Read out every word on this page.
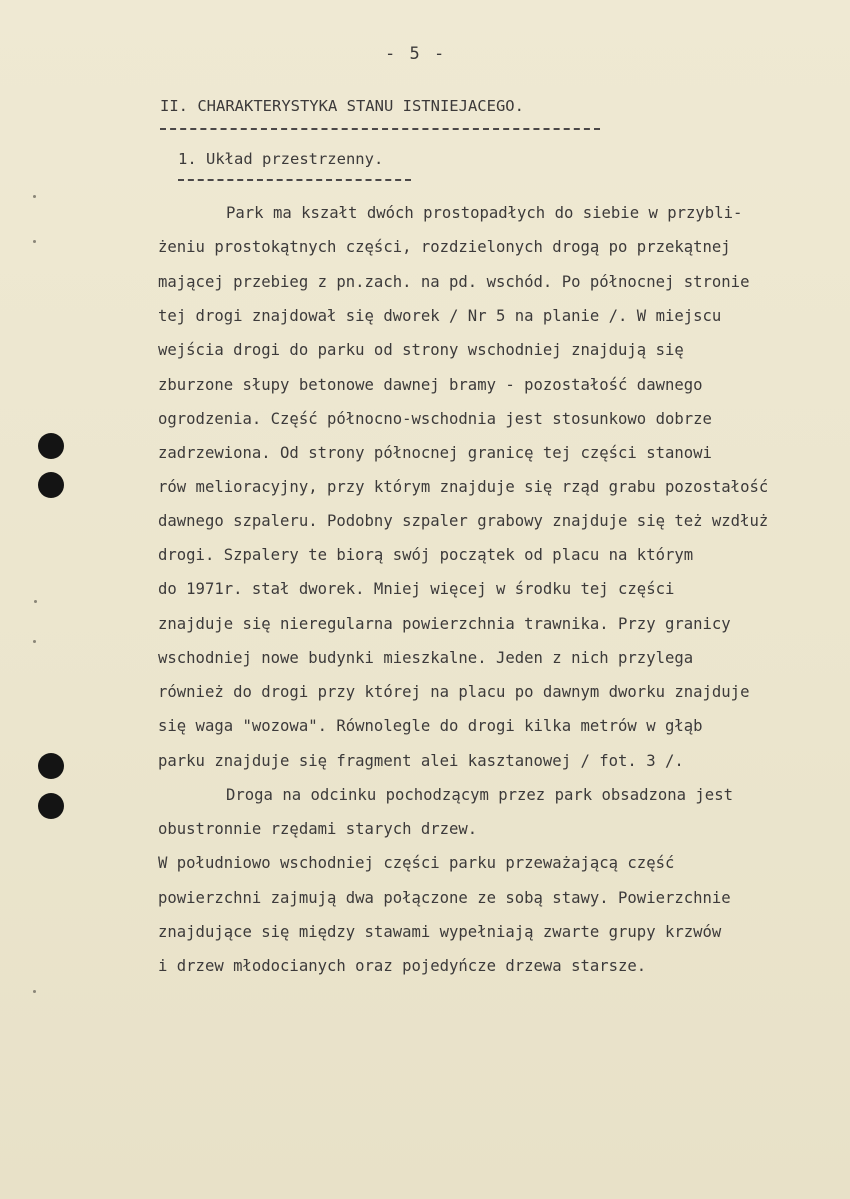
- 5 -
II. CHARAKTERYSTYKA STANU ISTNIEJACEGO.
1. Układ przestrzenny.
Park ma kszałt dwóch prostopadłych do siebie w przybli-
żeniu prostokątnych części, rozdzielonych drogą po przekątnej
mającej przebieg z pn.zach. na pd. wschód. Po północnej stronie
tej drogi znajdował się dworek / Nr 5 na planie /. W miejscu
wejścia drogi do parku od strony wschodniej znajdują się
zburzone słupy betonowe dawnej bramy - pozostałość dawnego
ogrodzenia. Część północno-wschodnia jest stosunkowo dobrze
zadrzewiona. Od strony północnej granicę tej części stanowi
rów melioracyjny, przy którym znajduje się rząd grabu pozostałość
dawnego szpaleru. Podobny szpaler grabowy znajduje się też wzdłuż
drogi. Szpalery te biorą swój początek od placu na którym
do 1971r. stał dworek. Mniej więcej w środku tej części
znajduje się nieregularna powierzchnia trawnika. Przy granicy
wschodniej nowe budynki mieszkalne. Jeden z nich przylega
również do drogi przy której na placu po dawnym dworku znajduje
się waga "wozowa". Równolegle do drogi kilka metrów w głąb
parku znajduje się fragment alei kasztanowej / fot. 3 /.
Droga na odcinku pochodzącym przez park obsadzona jest
obustronnie rzędami starych drzew.
W południowo wschodniej części parku przeważającą część
powierzchni zajmują dwa połączone ze sobą stawy. Powierzchnie
znajdujące się między stawami wypełniają zwarte grupy krzwów
i drzew młodocianych oraz pojedyńcze drzewa starsze.
